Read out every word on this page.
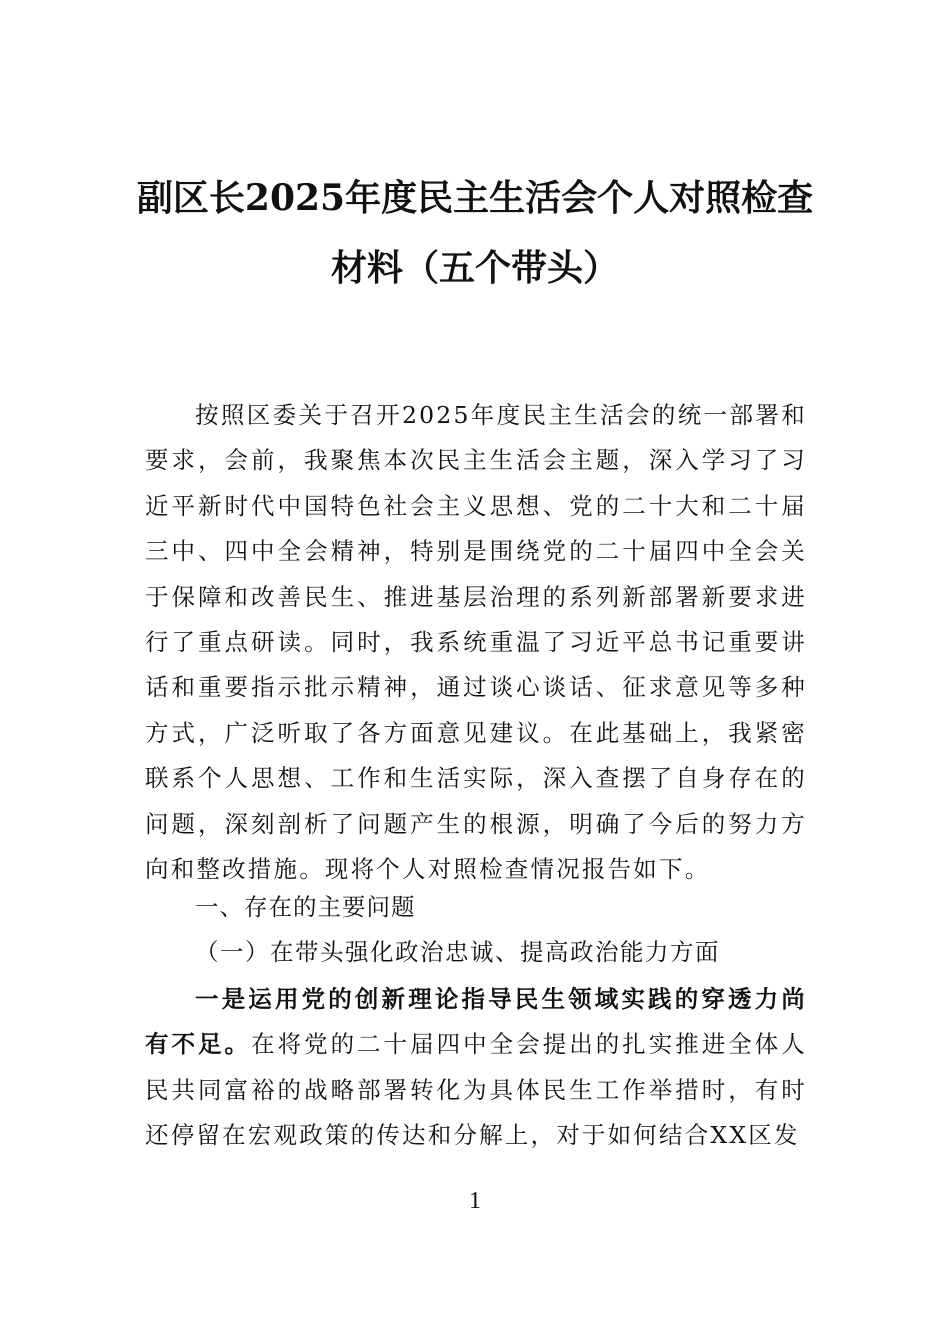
副区长2025年度民主生活会个人对照检查
材料（五个带头）

按照区委关于召开2025年度民主生活会的统一部署和要求，会前，我聚焦本次民主生活会主题，深入学习了习近平新时代中国特色社会主义思想、党的二十大和二十届三中、四中全会精神，特别是围绕党的二十届四中全会关于保障和改善民生、推进基层治理的系列新部署新要求进行了重点研读。同时，我系统重温了习近平总书记重要讲话和重要指示批示精神，通过谈心谈话、征求意见等多种方式，广泛听取了各方面意见建议。在此基础上，我紧密联系个人思想、工作和生活实际，深入查摆了自身存在的问题，深刻剖析了问题产生的根源，明确了今后的努力方向和整改措施。现将个人对照检查情况报告如下。

一、存在的主要问题
（一）在带头强化政治忠诚、提高政治能力方面

一是运用党的创新理论指导民生领域实践的穿透力尚有不足。在将党的二十届四中全会提出的扎实推进全体人民共同富裕的战略部署转化为具体民生工作举措时，有时还停留在宏观政策的传达和分解上，对于如何结合XX区发

1
